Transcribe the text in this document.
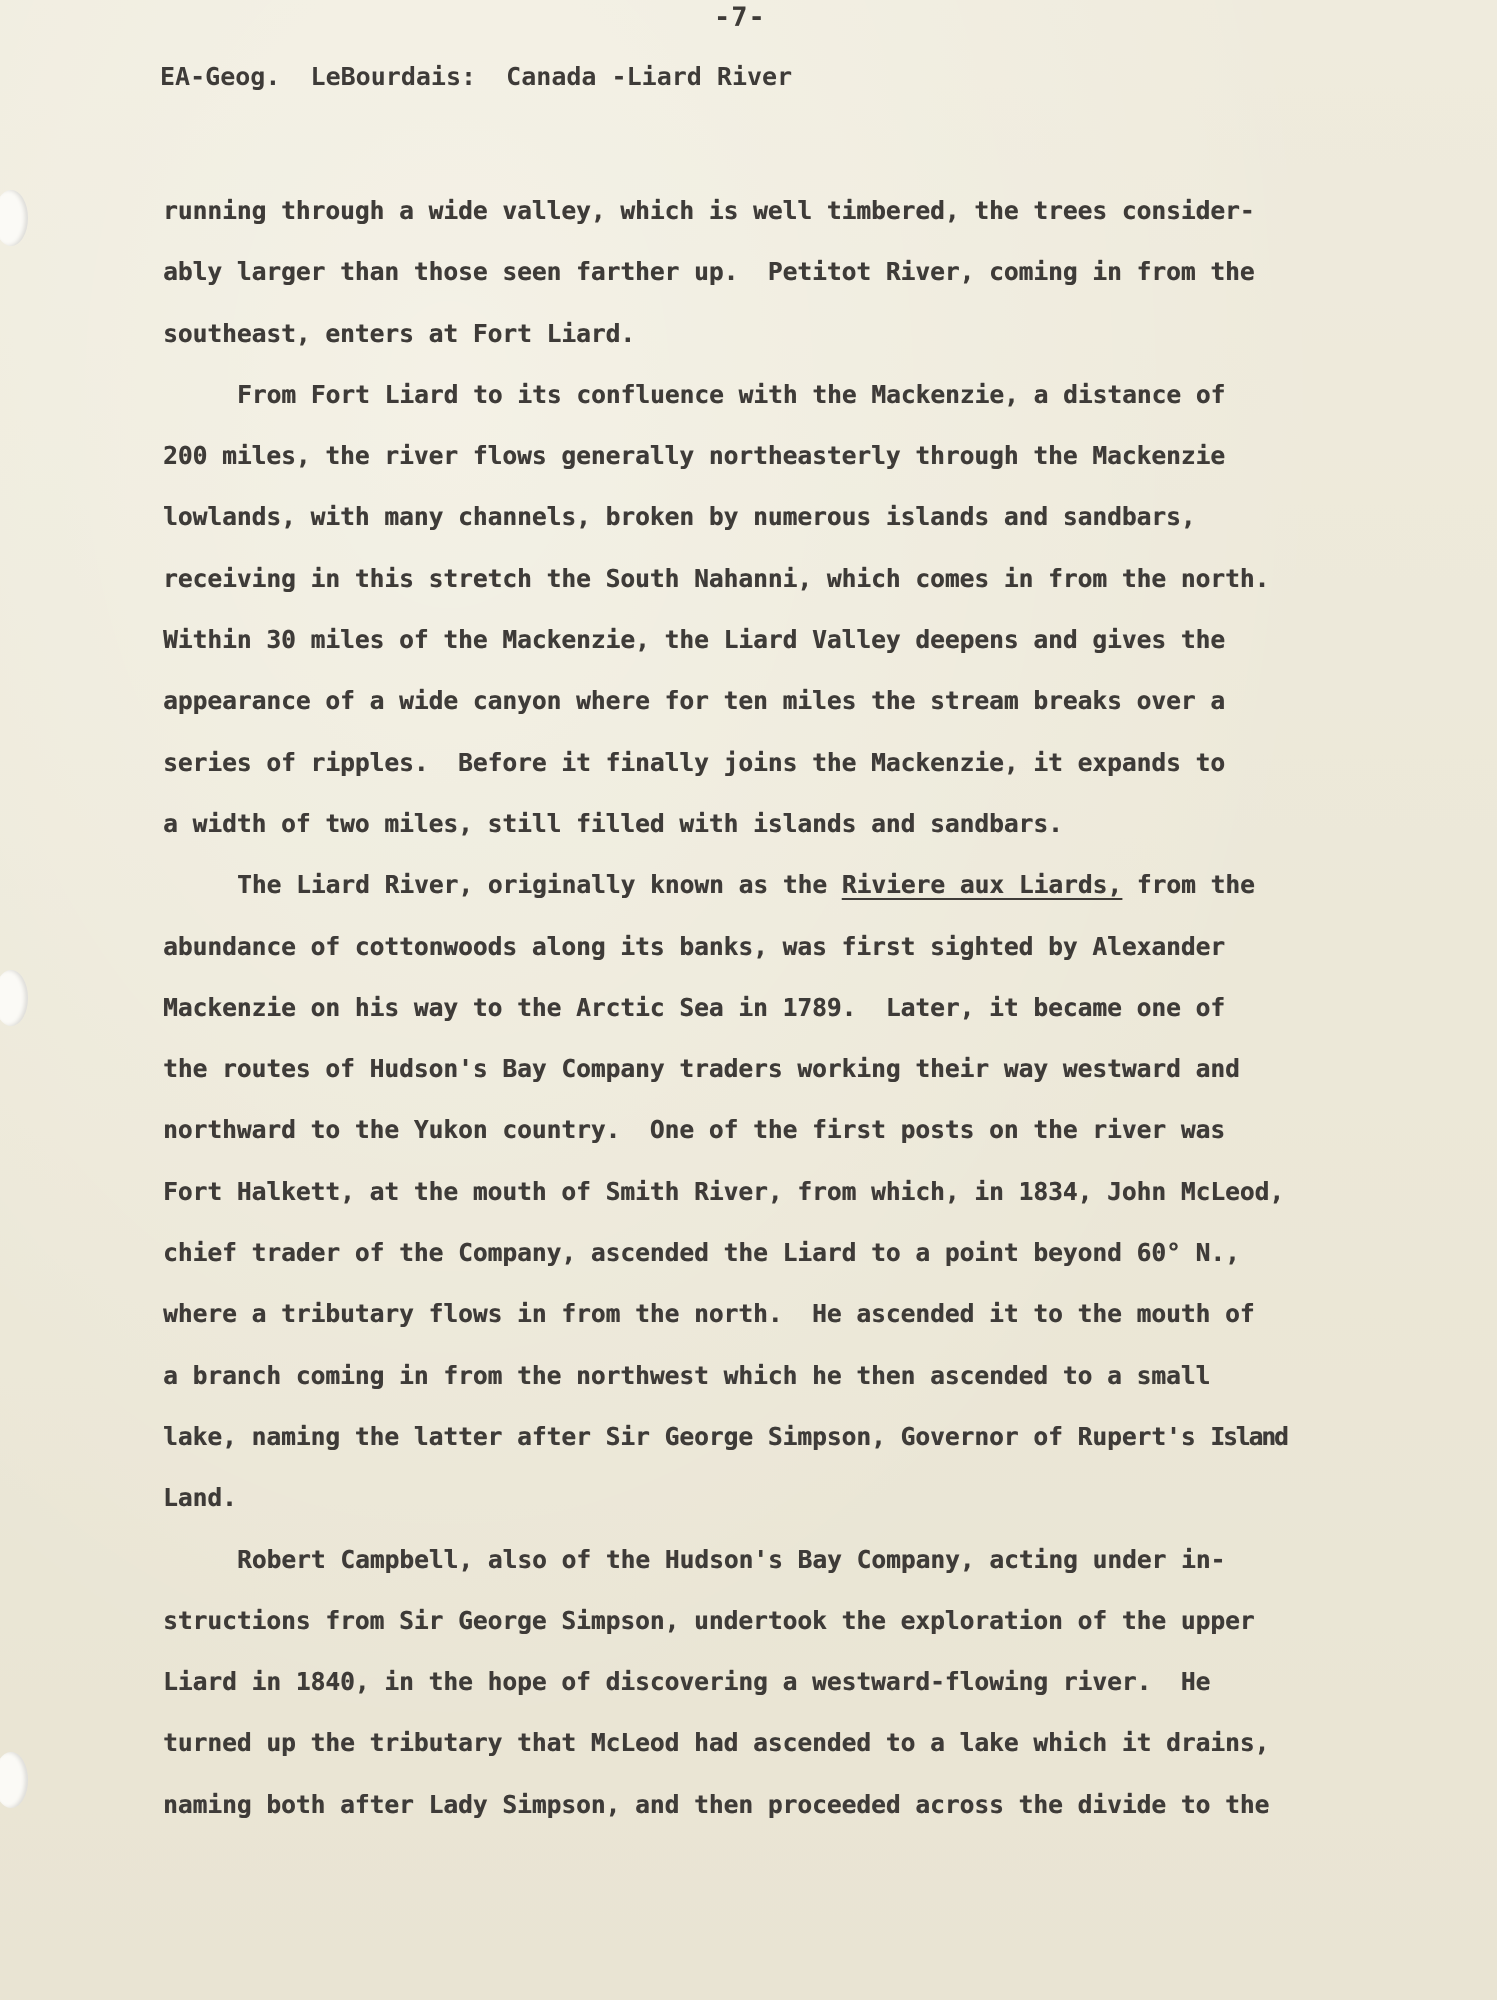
-7-
EA-Geog.  LeBourdais:  Canada -Liard River
running through a wide valley, which is well timbered, the trees consider-
ably larger than those seen farther up.  Petitot River, coming in from the
southeast, enters at Fort Liard.
From Fort Liard to its confluence with the Mackenzie, a distance of
200 miles, the river flows generally northeasterly through the Mackenzie
lowlands, with many channels, broken by numerous islands and sandbars,
receiving in this stretch the South Nahanni, which comes in from the north.
Within 30 miles of the Mackenzie, the Liard Valley deepens and gives the
appearance of a wide canyon where for ten miles the stream breaks over a
series of ripples.  Before it finally joins the Mackenzie, it expands to
a width of two miles, still filled with islands and sandbars.
The Liard River, originally known as the Riviere aux Liards, from the
abundance of cottonwoods along its banks, was first sighted by Alexander
Mackenzie on his way to the Arctic Sea in 1789.  Later, it became one of
the routes of Hudson's Bay Company traders working their way westward and
northward to the Yukon country.  One of the first posts on the river was
Fort Halkett, at the mouth of Smith River, from which, in 1834, John McLeod,
chief trader of the Company, ascended the Liard to a point beyond 60° N.,
where a tributary flows in from the north.  He ascended it to the mouth of
a branch coming in from the northwest which he then ascended to a small
lake, naming the latter after Sir George Simpson, Governor of Rupert's Island
Land.
Robert Campbell, also of the Hudson's Bay Company, acting under in-
structions from Sir George Simpson, undertook the exploration of the upper
Liard in 1840, in the hope of discovering a westward-flowing river.  He
turned up the tributary that McLeod had ascended to a lake which it drains,
naming both after Lady Simpson, and then proceeded across the divide to the
